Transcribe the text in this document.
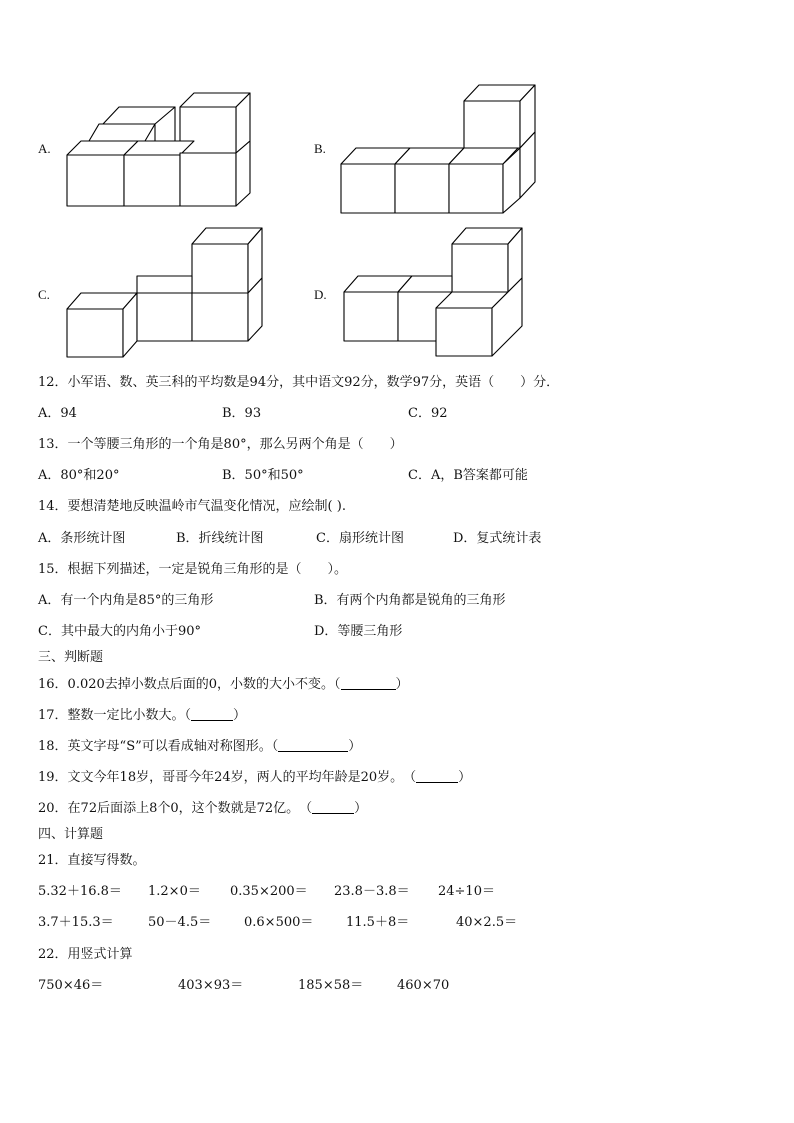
A.	B.
C.	D.
12．小军语、数、英三科的平均数是94分，其中语文92分，数学97分，英语（　　）分．
A．94	B．93	C．92
13．一个等腰三角形的一个角是80°，那么另两个角是（　　）
A．80°和20°	B．50°和50°	C．A，B答案都可能
14．要想清楚地反映温岭市气温变化情况，应绘制( ).
A．条形统计图	B．折线统计图	C．扇形统计图	D．复式统计表
15．根据下列描述，一定是锐角三角形的是（　　）。
A．有一个内角是85°的三角形	B．有两个内角都是锐角的三角形
C．其中最大的内角小于90°	D．等腰三角形
三、判断题
16．0.020去掉小数点后面的0，小数的大小不变。（	）
17．整数一定比小数大。（	）
18．英文字母“S”可以看成轴对称图形。（	）
19．文文今年18岁，哥哥今年24岁，两人的平均年龄是20岁。　（	）
20．在72后面添上8个0，这个数就是72亿。　（	）
四、计算题
21．直接写得数。
5.32＋16.8＝ 1.2×0＝ 0.35×200＝ 23.8－3.8＝ 24÷10＝
3.7＋15.3＝	50－4.5＝	0.6×500＝	11.5＋8＝	40×2.5＝
22．用竖式计算
750×46＝	403×93＝	185×58＝	460×70
